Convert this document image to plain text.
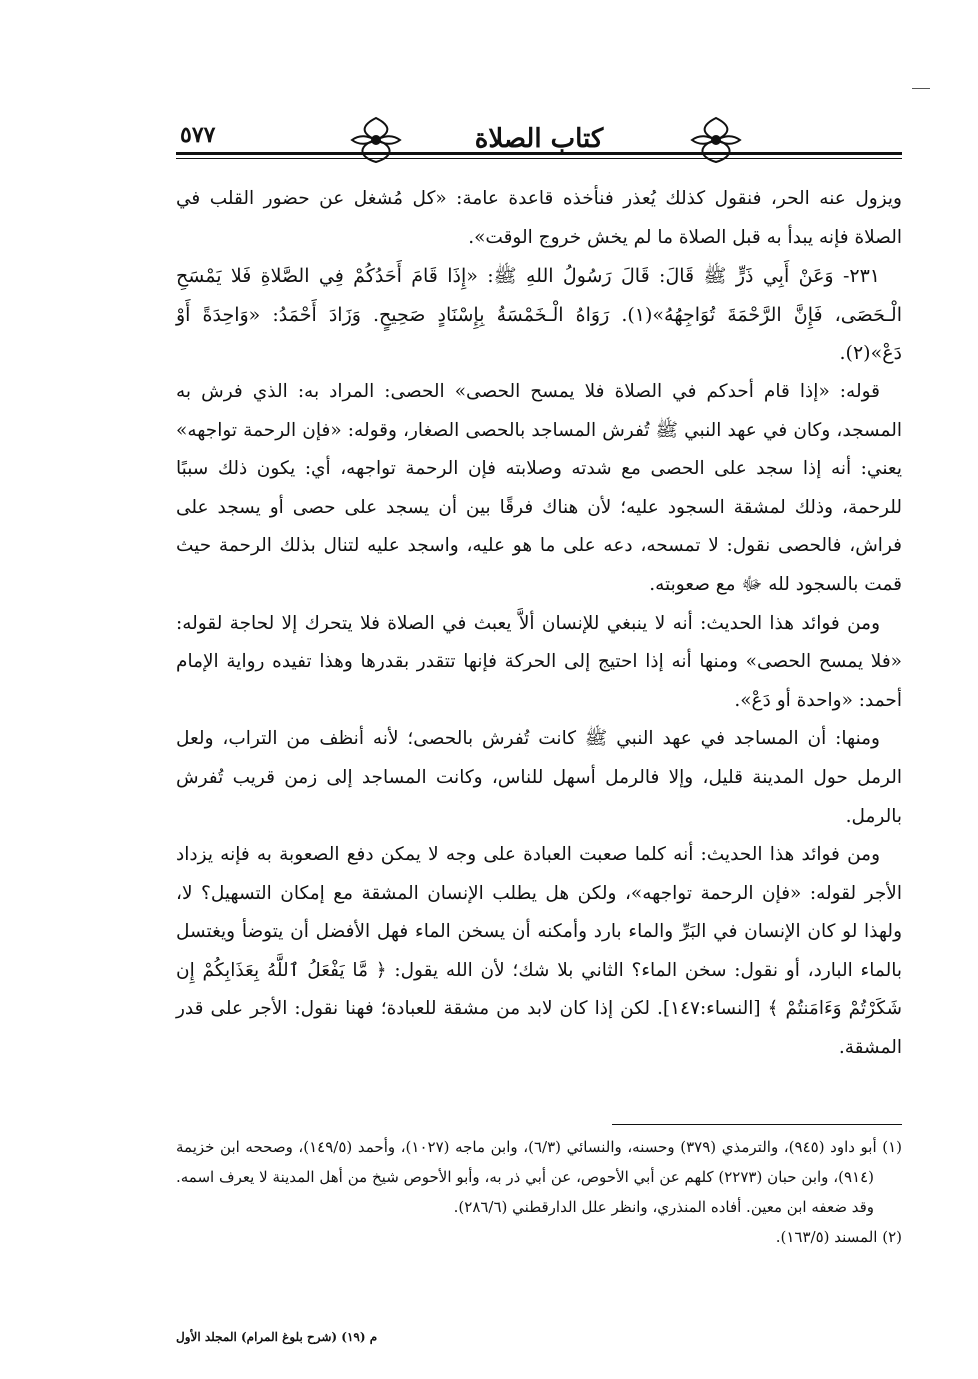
٥٧٧	كتاب الصلاة

ويزول عنه الحر، فنقول كذلك يُعذر فنأخذه قاعدة عامة: «كل مُشغل عن حضور القلب في الصلاة فإنه يبدأ به قبل الصلاة ما لم يخش خروج الوقت».

٢٣١- وَعَنْ أَبِي ذَرٍّ ﷺ قَالَ: قَالَ رَسُولُ اللهِ ﷺ: «إِذَا قَامَ أَحَدُكُمْ فِي الصَّلاةِ فَلا يَمْسَحِ الْـحَصَى، فَإِنَّ الرَّحْمَةَ تُوَاجِهُهُ»(١). رَوَاهُ الْـخَمْسَةُ بِإِسْنَادٍ صَحِيحٍ. وَزَادَ أَحْمَدُ: «وَاحِدَةً أَوْ دَعْ»(٢).

قوله: «إذا قام أحدكم في الصلاة فلا يمسح الحصى» الحصى: المراد به: الذي فرش به المسجد، وكان في عهد النبي ﷺ تُفرش المساجد بالحصى الصغار، وقوله: «فإن الرحمة تواجهه» يعني: أنه إذا سجد على الحصى مع شدته وصلابته فإن الرحمة تواجهه، أي: يكون ذلك سببًا للرحمة، وذلك لمشقة السجود عليه؛ لأن هناك فرقًا بين أن يسجد على حصى أو يسجد على فراش، فالحصى نقول: لا تمسحه، دعه على ما هو عليه، واسجد عليه لتنال بذلك الرحمة حيث قمت بالسجود لله ﷻ مع صعوبته.

ومن فوائد هذا الحديث: أنه لا ينبغي للإنسان ألاَّ يعبث في الصلاة فلا يتحرك إلا لحاجة لقوله: «فلا يمسح الحصى» ومنها أنه إذا احتيج إلى الحركة فإنها تتقدر بقدرها وهذا تفيده رواية الإمام أحمد: «واحدة أو دَعْ».

ومنها: أن المساجد في عهد النبي ﷺ كانت تُفرش بالحصى؛ لأنه أنظف من التراب، ولعل الرمل حول المدينة قليل، وإلا فالرمل أسهل للناس، وكانت المساجد إلى زمن قريب تُفرش بالرمل.

ومن فوائد هذا الحديث: أنه كلما صعبت العبادة على وجه لا يمكن دفع الصعوبة به فإنه يزداد الأجر لقوله: «فإن الرحمة تواجهه»، ولكن هل يطلب الإنسان المشقة مع إمكان التسهيل؟ لا، ولهذا لو كان الإنسان في البَرِّ والماء بارد وأمكنه أن يسخن الماء فهل الأفضل أن يتوضأ ويغتسل بالماء البارد، أو نقول: سخن الماء؟ الثاني بلا شك؛ لأن الله يقول: ﴿ مَّا يَفْعَلُ ٱللَّهُ بِعَذَابِكُمْ إِن شَكَرْتُمْ وَءَامَنتُمْ ﴾ [النساء:١٤٧]. لكن إذا كان لابد من مشقة للعبادة؛ فهنا نقول: الأجر على قدر المشقة.

(١) أبو داود (٩٤٥)، والترمذي (٣٧٩) وحسنه، والنسائي (٦/٣)، وابن ماجه (١٠٢٧)، وأحمد (١٤٩/٥)، وصححه ابن خزيمة (٩١٤)، وابن حبان (٢٢٧٣) كلهم عن أبي الأحوص، عن أبي ذر به، وأبو الأحوص شيخ من أهل المدينة لا يعرف اسمه. وقد ضعفه ابن معين. أفاده المنذري، وانظر علل الدارقطني (٢٨٦/٦).

(٢) المسند (١٦٣/٥).

م (١٩) (شرح بلوغ المرام) المجلد الأول
